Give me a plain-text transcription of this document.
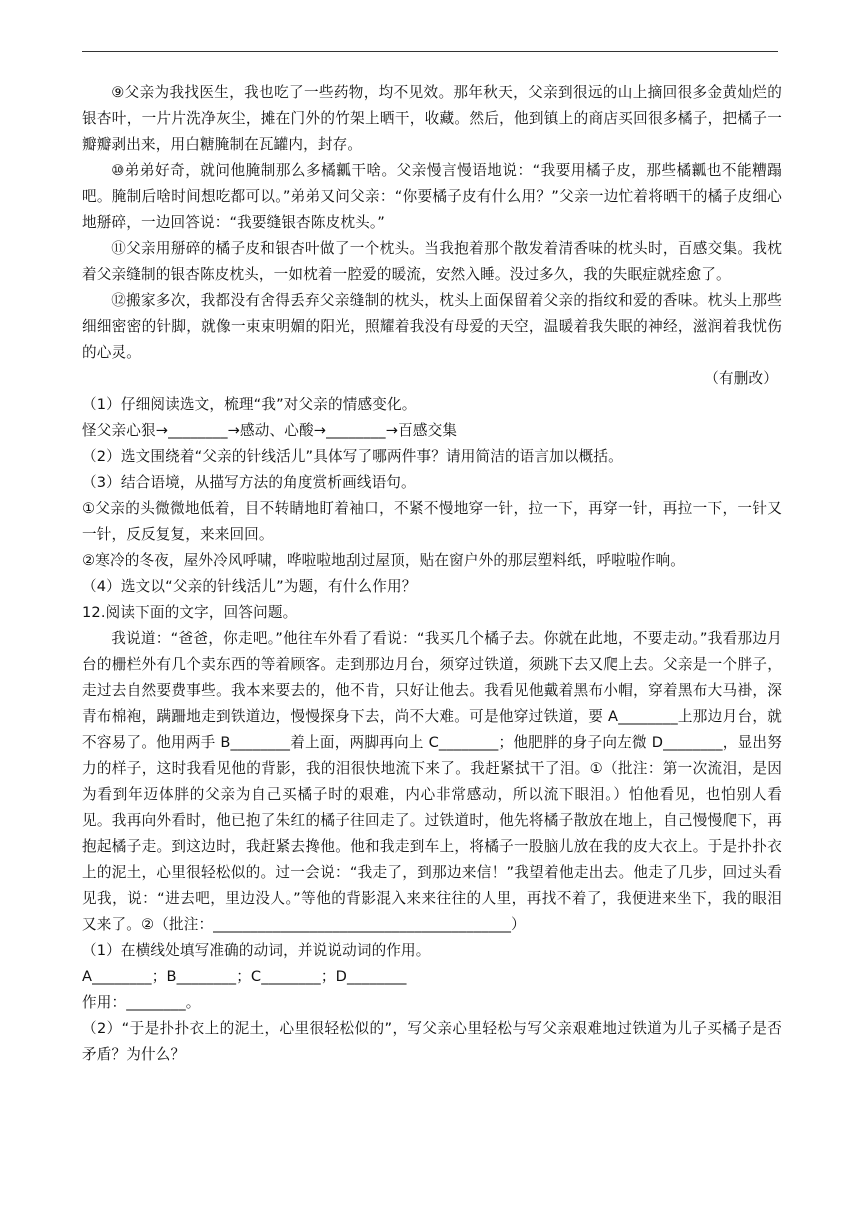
⑨父亲为我找医生，我也吃了一些药物，均不见效。那年秋天，父亲到很远的山上摘回很多金黄灿烂的银杏叶，一片片洗净灰尘，摊在门外的竹架上晒干，收藏。然后，他到镇上的商店买回很多橘子，把橘子一瓣瓣剥出来，用白糖腌制在瓦罐内，封存。

⑩弟弟好奇，就问他腌制那么多橘瓤干啥。父亲慢言慢语地说：“我要用橘子皮，那些橘瓤也不能糟蹋吧。腌制后啥时间想吃都可以。”弟弟又问父亲：“你要橘子皮有什么用？”父亲一边忙着将晒干的橘子皮细心地掰碎，一边回答说：“我要缝银杏陈皮枕头。”

⑪父亲用掰碎的橘子皮和银杏叶做了一个枕头。当我抱着那个散发着清香味的枕头时，百感交集。我枕着父亲缝制的银杏陈皮枕头，一如枕着一腔爱的暖流，安然入睡。没过多久，我的失眠症就痊愈了。

⑫搬家多次，我都没有舍得丢弃父亲缝制的枕头，枕头上面保留着父亲的指纹和爱的香味。枕头上那些细细密密的针脚，就像一束束明媚的阳光，照耀着我没有母爱的天空，温暖着我失眠的神经，滋润着我忧伤的心灵。

（有删改）

（1）仔细阅读选文，梳理“我”对父亲的情感变化。

怪父亲心狠→________→感动、心酸→________→百感交集

（2）选文围绕着“父亲的针线活儿”具体写了哪两件事？请用简洁的语言加以概括。

（3）结合语境，从描写方法的角度赏析画线语句。

①父亲的头微微地低着，目不转睛地盯着袖口，不紧不慢地穿一针，拉一下，再穿一针，再拉一下，一针又一针，反反复复，来来回回。

②寒冷的冬夜，屋外冷风呼啸，哗啦啦地刮过屋顶，贴在窗户外的那层塑料纸，呼啦啦作响。

（4）选文以“父亲的针线活儿”为题，有什么作用？

12.阅读下面的文字，回答问题。

我说道：“爸爸，你走吧。”他往车外看了看说：“我买几个橘子去。你就在此地，不要走动。”我看那边月台的栅栏外有几个卖东西的等着顾客。走到那边月台，须穿过铁道，须跳下去又爬上去。父亲是一个胖子，走过去自然要费事些。我本来要去的，他不肯，只好让他去。我看见他戴着黑布小帽，穿着黑布大马褂，深青布棉袍，蹒跚地走到铁道边，慢慢探身下去，尚不大难。可是他穿过铁道，要 A________上那边月台，就不容易了。他用两手 B________着上面，两脚再向上 C________；他肥胖的身子向左微 D________，显出努力的样子，这时我看见他的背影，我的泪很快地流下来了。我赶紧拭干了泪。①（批注：第一次流泪，是因为看到年迈体胖的父亲为自己买橘子时的艰难，内心非常感动，所以流下眼泪。）怕他看见，也怕别人看见。我再向外看时，他已抱了朱红的橘子往回走了。过铁道时，他先将橘子散放在地上，自己慢慢爬下，再抱起橘子走。到这边时，我赶紧去搀他。他和我走到车上，将橘子一股脑儿放在我的皮大衣上。于是扑扑衣上的泥土，心里很轻松似的。过一会说：“我走了，到那边来信！”我望着他走出去。他走了几步，回过头看见我，说：“进去吧，里边没人。”等他的背影混入来来往往的人里，再找不着了，我便进来坐下，我的眼泪又来了。②（批注：________________________________________）

（1）在横线处填写准确的动词，并说说动词的作用。

A________；B________；C________；D________

作用：________。

（2）“于是扑扑衣上的泥土，心里很轻松似的”，写父亲心里轻松与写父亲艰难地过铁道为儿子买橘子是否矛盾？为什么？
